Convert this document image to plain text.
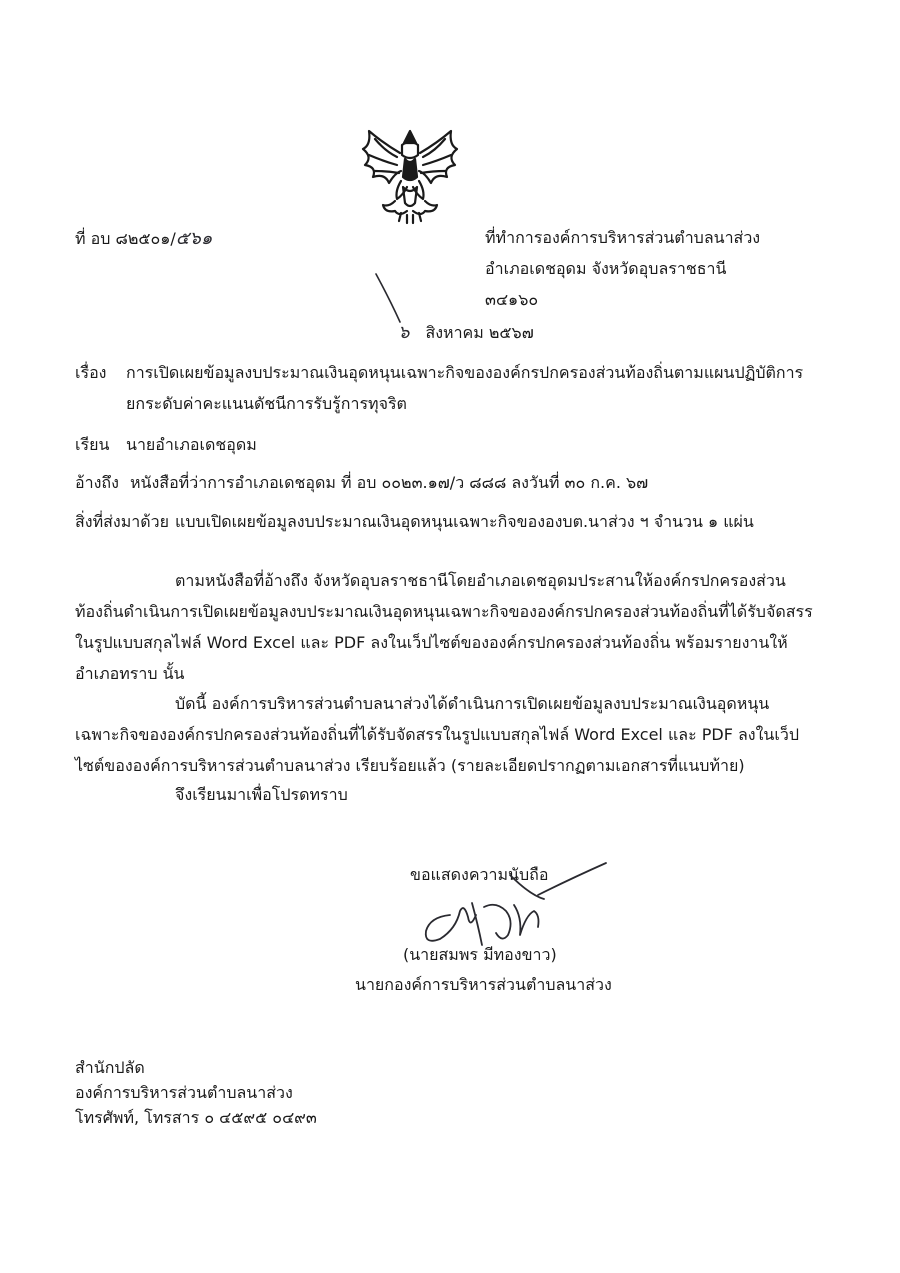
ที่ อบ ๘๒๕๐๑/๕๖๑	ที่ทำการองค์การบริหารส่วนตำบลนาส่วง
อำเภอเดชอุดม จังหวัดอุบลราชธานี
๓๔๑๖๐
๖ สิงหาคม ๒๕๖๗
เรื่อง การเปิดเผยข้อมูลงบประมาณเงินอุดหนุนเฉพาะกิจขององค์กรปกครองส่วนท้องถิ่นตามแผนปฏิบัติการ
ยกระดับค่าคะแนนดัชนีการรับรู้การทุจริต
เรียน นายอำเภอเดชอุดม
อ้างถึง หนังสือที่ว่าการอำเภอเดชอุดม ที่ อบ ๐๐๒๓.๑๗/ว ๘๘๘ ลงวันที่ ๓๐ ก.ค. ๖๗
สิ่งที่ส่งมาด้วย แบบเปิดเผยข้อมูลงบประมาณเงินอุดหนุนเฉพาะกิจขององบต.นาส่วง ฯ จำนวน ๑ แผ่น
ตามหนังสือที่อ้างถึง จังหวัดอุบลราชธานีโดยอำเภอเดชอุดมประสานให้องค์กรปกครองส่วน
ท้องถิ่นดำเนินการเปิดเผยข้อมูลงบประมาณเงินอุดหนุนเฉพาะกิจขององค์กรปกครองส่วนท้องถิ่นที่ได้รับจัดสรร
ในรูปแบบสกุลไฟล์ Word Excel และ PDF ลงในเว็ปไซต์ขององค์กรปกครองส่วนท้องถิ่น พร้อมรายงานให้
อำเภอทราบ นั้น
บัดนี้ องค์การบริหารส่วนตำบลนาส่วงได้ดำเนินการเปิดเผยข้อมูลงบประมาณเงินอุดหนุน
เฉพาะกิจขององค์กรปกครองส่วนท้องถิ่นที่ได้รับจัดสรรในรูปแบบสกุลไฟล์ Word Excel และ PDF ลงในเว็ป
ไซต์ขององค์การบริหารส่วนตำบลนาส่วง เรียบร้อยแล้ว (รายละเอียดปรากฏตามเอกสารที่แนบท้าย)
จึงเรียนมาเพื่อโปรดทราบ
ขอแสดงความนับถือ
(นายสมพร มีทองขาว)
นายกองค์การบริหารส่วนตำบลนาส่วง
สำนักปลัด
องค์การบริหารส่วนตำบลนาส่วง
โทรศัพท์, โทรสาร ๐ ๔๕๙๕ ๐๔๙๓
